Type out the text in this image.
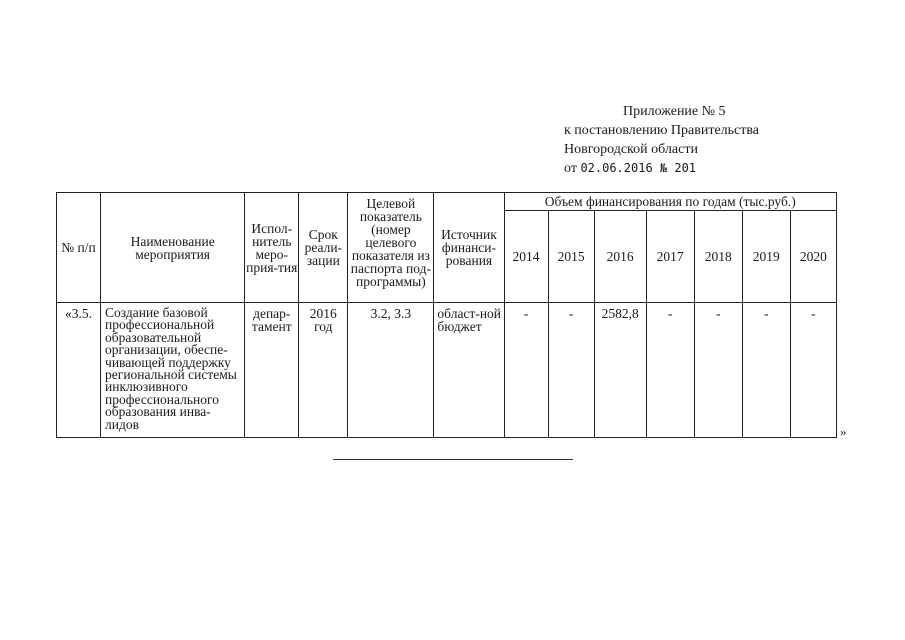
Приложение № 5
к постановлению Правительства
Новгородской области
от 02.06.2016 № 201
№ п/п	Наименование мероприятия	Испол-нитель меро-прия-тия	Срок реали-зации	Целевой показатель (номер целевого показателя из паспорта под-программы)	Источник финанси-рования	Объем финансирования по годам (тыс.руб.)						
						2014	2015	2016	2017	2018	2019	2020
«3.5.	Создание базовой профессиональной образовательной организации, обеспе-чивающей поддержку региональной системы инклюзивного профессионального образования инва-лидов	депар-тамент	2016 год	3.2, 3.3	област-ной бюджет	-	-	2582,8	-	-	-	-
»
